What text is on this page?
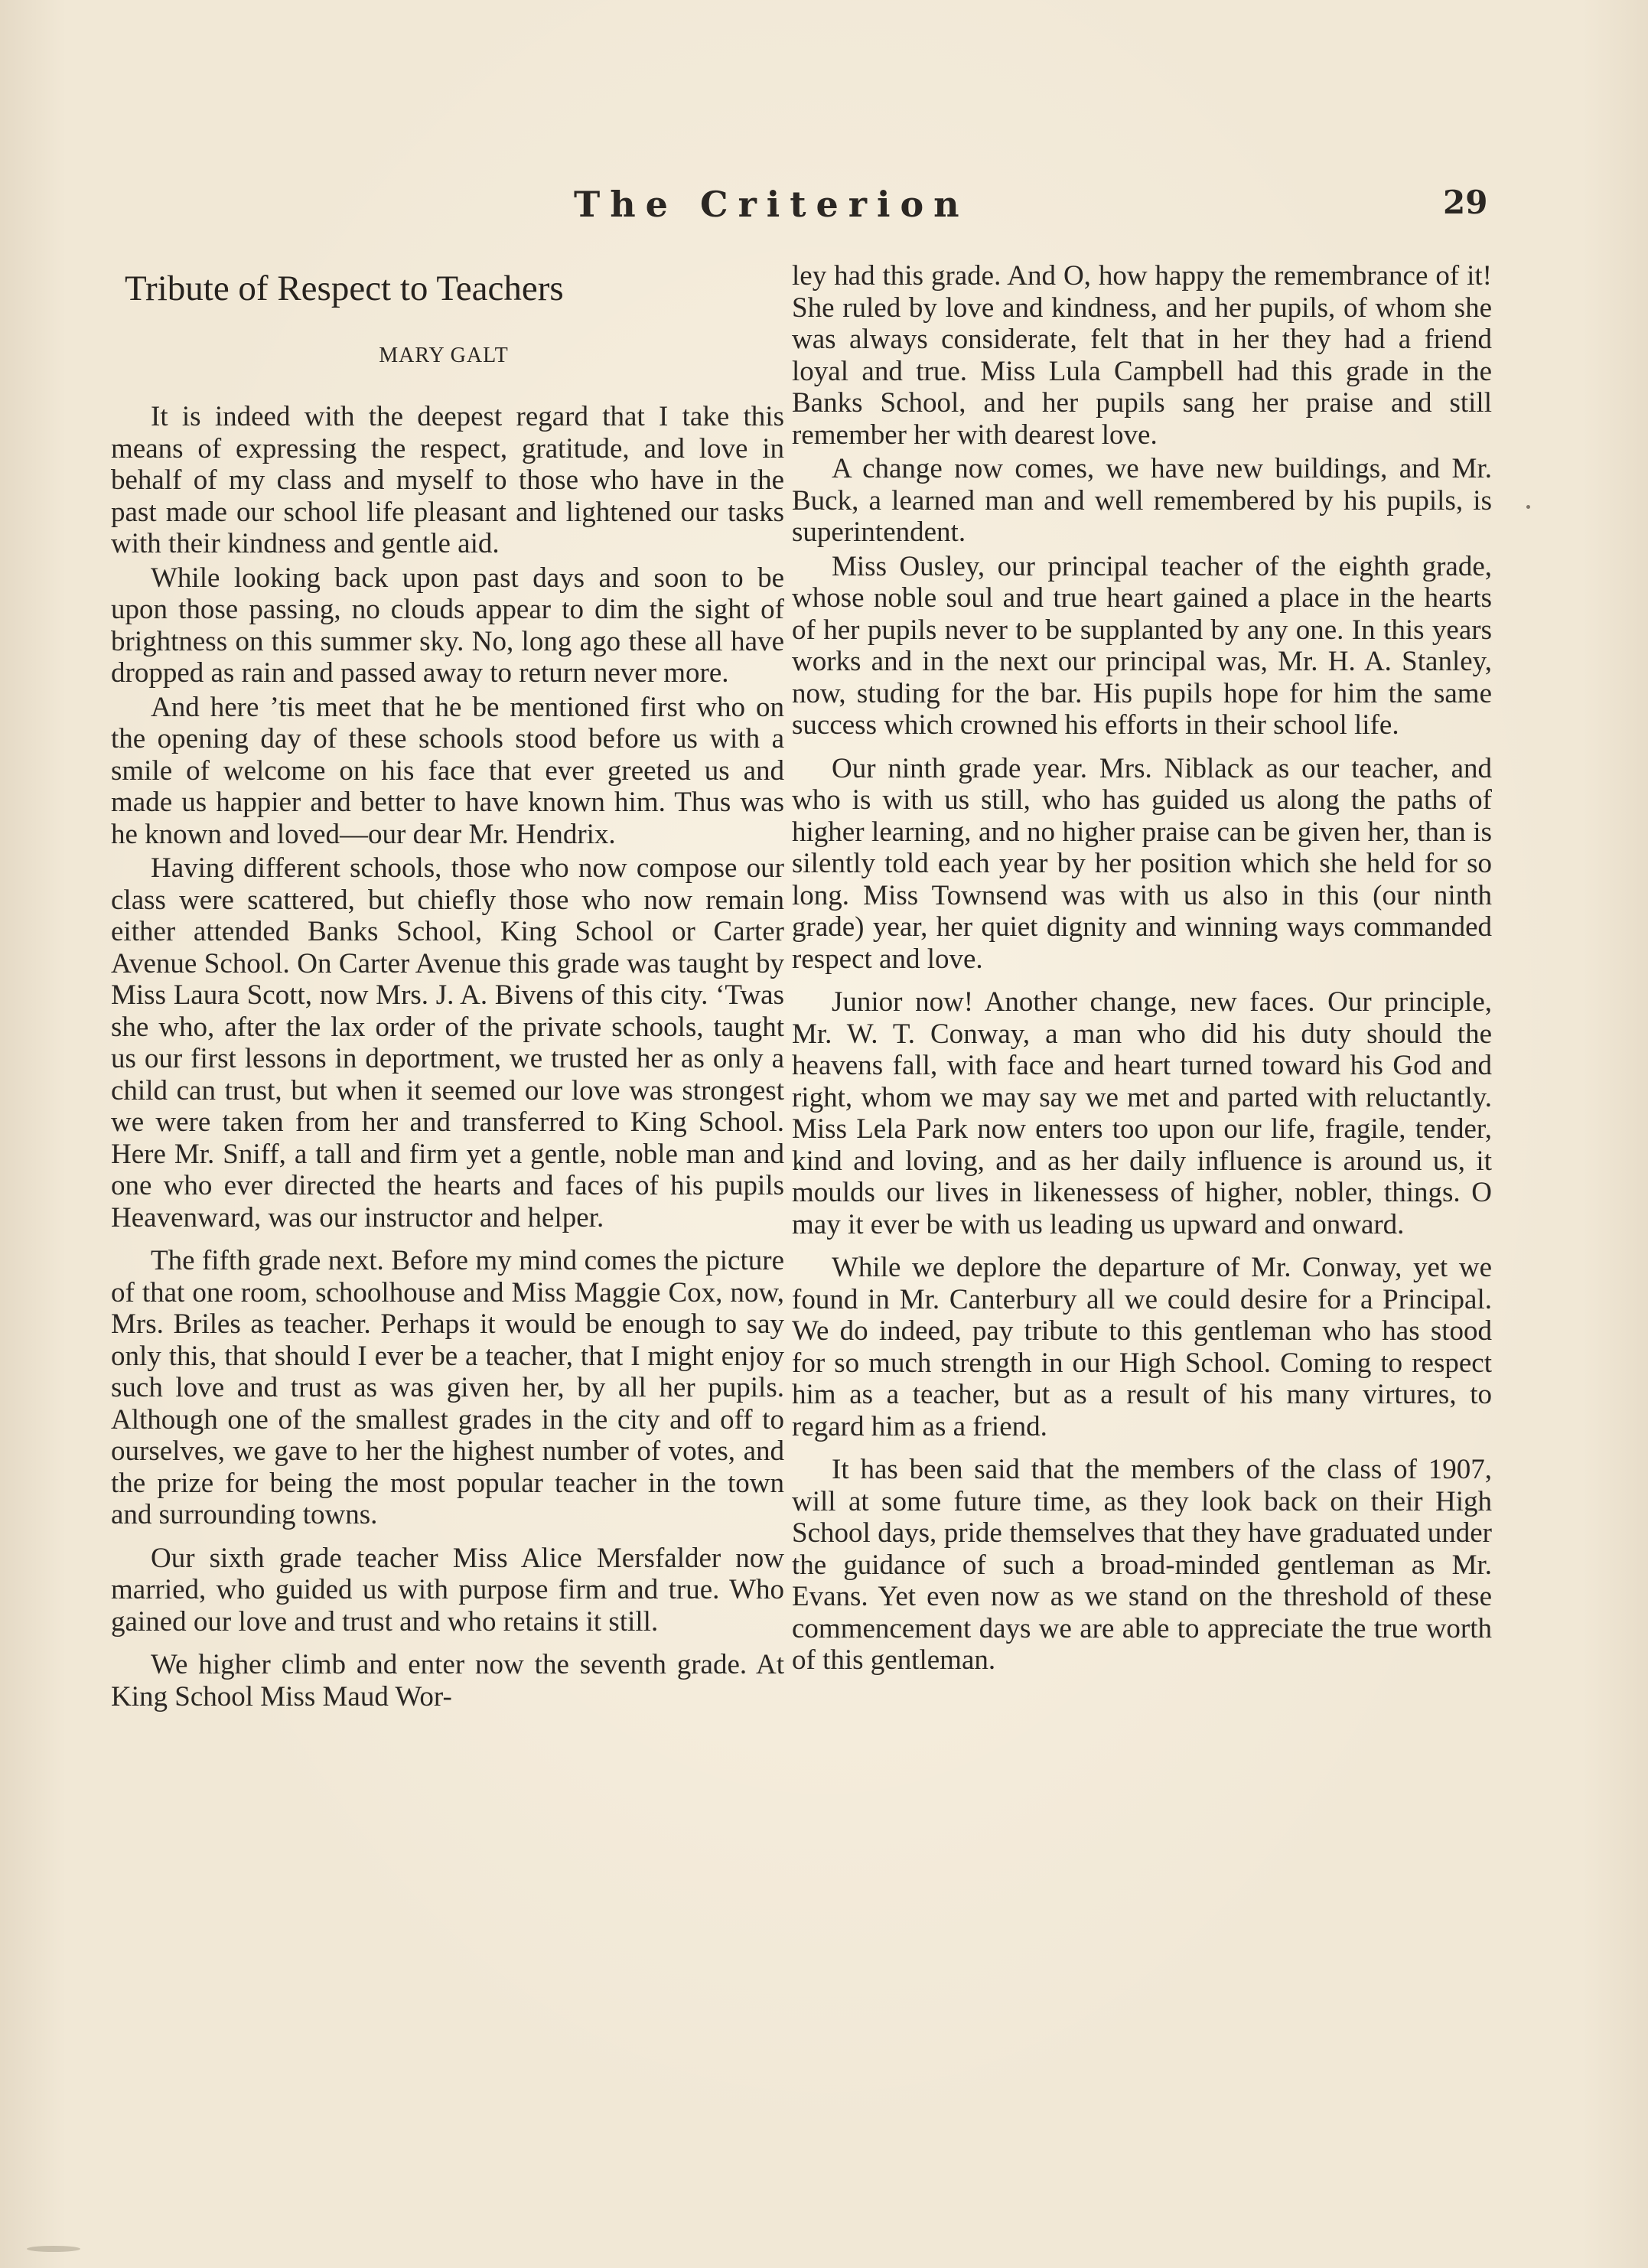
The Criterion	29
Tribute of Respect to Teachers
MARY GALT

It is indeed with the deepest regard that I take this means of expressing the respect, gratitude, and love in behalf of my class and myself to those who have in the past made our school life pleasant and lightened our tasks with their kindness and gentle aid.

While looking back upon past days and soon to be upon those passing, no clouds appear to dim the sight of brightness on this summer sky. No, long ago these all have dropped as rain and passed away to return never more.

And here ’tis meet that he be mentioned first who on the opening day of these schools stood before us with a smile of welcome on his face that ever greeted us and made us happier and better to have known him. Thus was he known and loved—our dear Mr. Hendrix.

Having different schools, those who now compose our class were scattered, but chiefly those who now remain either attended Banks School, King School or Carter Avenue School. On Carter Avenue this grade was taught by Miss Laura Scott, now Mrs. J. A. Bivens of this city. ‘Twas she who, after the lax order of the private schools, taught us our first lessons in deportment, we trusted her as only a child can trust, but when it seemed our love was strongest we were taken from her and transferred to King School. Here Mr. Sniff, a tall and firm yet a gentle, noble man and one who ever directed the hearts and faces of his pupils Heavenward, was our instructor and helper.

The fifth grade next. Before my mind comes the picture of that one room, schoolhouse and Miss Maggie Cox, now, Mrs. Briles as teacher. Perhaps it would be enough to say only this, that should I ever be a teacher, that I might enjoy such love and trust as was given her, by all her pupils. Although one of the smallest grades in the city and off to ourselves, we gave to her the highest number of votes, and the prize for being the most popular teacher in the town and surrounding towns.

Our sixth grade teacher Miss Alice Mersfalder now married, who guided us with purpose firm and true. Who gained our love and trust and who retains it still.

We higher climb and enter now the seventh grade. At King School Miss Maud Wor-

ley had this grade. And O, how happy the remembrance of it! She ruled by love and kindness, and her pupils, of whom she was always considerate, felt that in her they had a friend loyal and true. Miss Lula Campbell had this grade in the Banks School, and her pupils sang her praise and still remember her with dearest love.

A change now comes, we have new buildings, and Mr. Buck, a learned man and well remembered by his pupils, is superintendent.

Miss Ousley, our principal teacher of the eighth grade, whose noble soul and true heart gained a place in the hearts of her pupils never to be supplanted by any one. In this years works and in the next our principal was, Mr. H. A. Stanley, now, studing for the bar. His pupils hope for him the same success which crowned his efforts in their school life.

Our ninth grade year. Mrs. Niblack as our teacher, and who is with us still, who has guided us along the paths of higher learning, and no higher praise can be given her, than is silently told each year by her position which she held for so long. Miss Townsend was with us also in this (our ninth grade) year, her quiet dignity and winning ways commanded respect and love.

Junior now! Another change, new faces. Our principle, Mr. W. T. Conway, a man who did his duty should the heavens fall, with face and heart turned toward his God and right, whom we may say we met and parted with reluctantly. Miss Lela Park now enters too upon our life, fragile, tender, kind and loving, and as her daily influence is around us, it moulds our lives in likenessess of higher, nobler, things. O may it ever be with us leading us upward and onward.

While we deplore the departure of Mr. Conway, yet we found in Mr. Canterbury all we could desire for a Principal. We do indeed, pay tribute to this gentleman who has stood for so much strength in our High School. Coming to respect him as a teacher, but as a result of his many virtures, to regard him as a friend.

It has been said that the members of the class of 1907, will at some future time, as they look back on their High School days, pride themselves that they have graduated under the guidance of such a broad-minded gentleman as Mr. Evans. Yet even now as we stand on the threshold of these commencement days we are able to appreciate the true worth of this gentleman.
